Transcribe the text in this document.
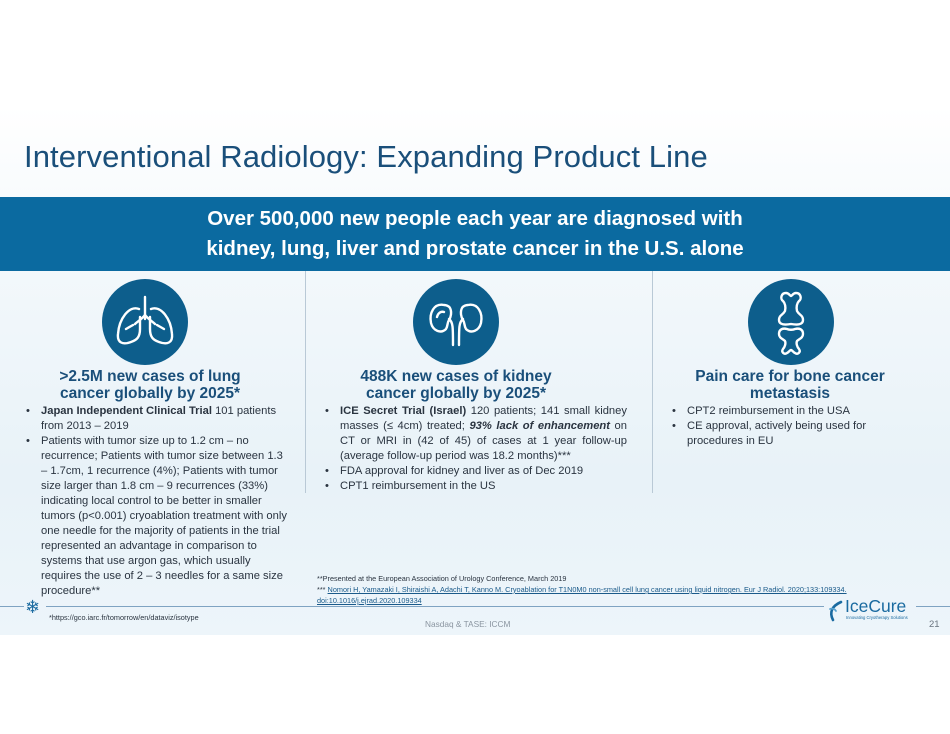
Interventional Radiology: Expanding Product Line
Over 500,000 new people each year are diagnosed with
kidney, lung, liver and prostate cancer in the U.S. alone
>2.5M new cases of lung
cancer globally by 2025*
• Japan Independent Clinical Trial 101 patients from 2013 – 2019
• Patients with tumor size up to 1.2 cm – no recurrence; Patients with tumor size between 1.3 – 1.7cm, 1 recurrence (4%); Patients with tumor size larger than 1.8 cm – 9 recurrences (33%) indicating local control to be better in smaller tumors (p<0.001) cryoablation treatment with only one needle for the majority of patients in the trial represented an advantage in comparison to systems that use argon gas, which usually requires the use of 2 – 3 needles for a same size procedure**
488K new cases of kidney
cancer globally by 2025*
• ICE Secret Trial (Israel) 120 patients; 141 small kidney masses (≤ 4cm) treated; 93% lack of enhancement on CT or MRI in (42 of 45) of cases at 1 year follow-up (average follow-up period was 18.2 months)***
• FDA approval for kidney and liver as of Dec 2019
• CPT1 reimbursement in the US
Pain care for bone cancer
metastasis
• CPT2 reimbursement in the USA
• CE approval, actively being used for procedures in EU
**Presented at the European Association of Urology Conference, March 2019
*** Nomori H, Yamazaki I, Shiraishi A, Adachi T, Kanno M. Cryoablation for T1N0M0 non-small cell lung cancer using liquid nitrogen. Eur J Radiol. 2020;133:109334. doi:10.1016/j.ejrad.2020.109334
❄
*https://gco.iarc.fr/tomorrow/en/dataviz/isotype
Nasdaq & TASE: ICCM	21
IceCure
Innovating Cryotherapy Solutions
